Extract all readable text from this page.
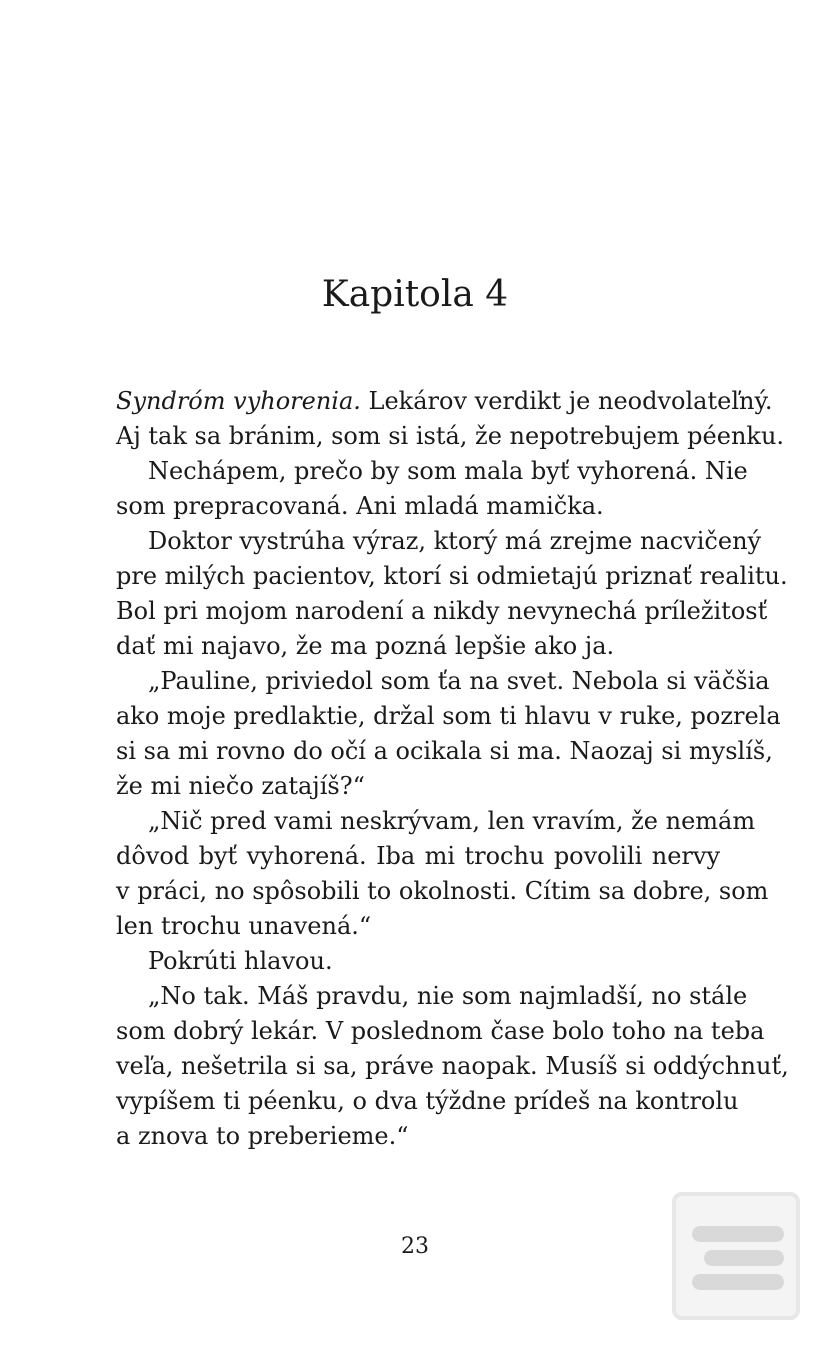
Kapitola 4
Syndróm vyhorenia. Lekárov verdikt je neodvolateľný.
Aj tak sa bránim, som si istá, že nepotrebujem péenku.
Nechápem, prečo by som mala byť vyhorená. Nie
som prepracovaná. Ani mladá mamička.
Doktor vystrúha výraz, ktorý má zrejme nacvičený
pre milých pacientov, ktorí si odmietajú priznať realitu.
Bol pri mojom narodení a nikdy nevynechá príležitosť
dať mi najavo, že ma pozná lepšie ako ja.
„Pauline, priviedol som ťa na svet. Nebola si väčšia
ako moje predlaktie, držal som ti hlavu v ruke, pozrela
si sa mi rovno do očí a ocikala si ma. Naozaj si myslíš,
že mi niečo zatajíš?“
„Nič pred vami neskrývam, len vravím, že nemám
dôvod byť vyhorená. Iba mi trochu povolili nervy
v práci, no spôsobili to okolnosti. Cítim sa dobre, som
len trochu unavená.“
Pokrúti hlavou.
„No tak. Máš pravdu, nie som najmladší, no stále
som dobrý lekár. V poslednom čase bolo toho na teba
veľa, nešetrila si sa, práve naopak. Musíš si oddýchnuť,
vypíšem ti péenku, o dva týždne prídeš na kontrolu
a znova to preberieme.“
23
